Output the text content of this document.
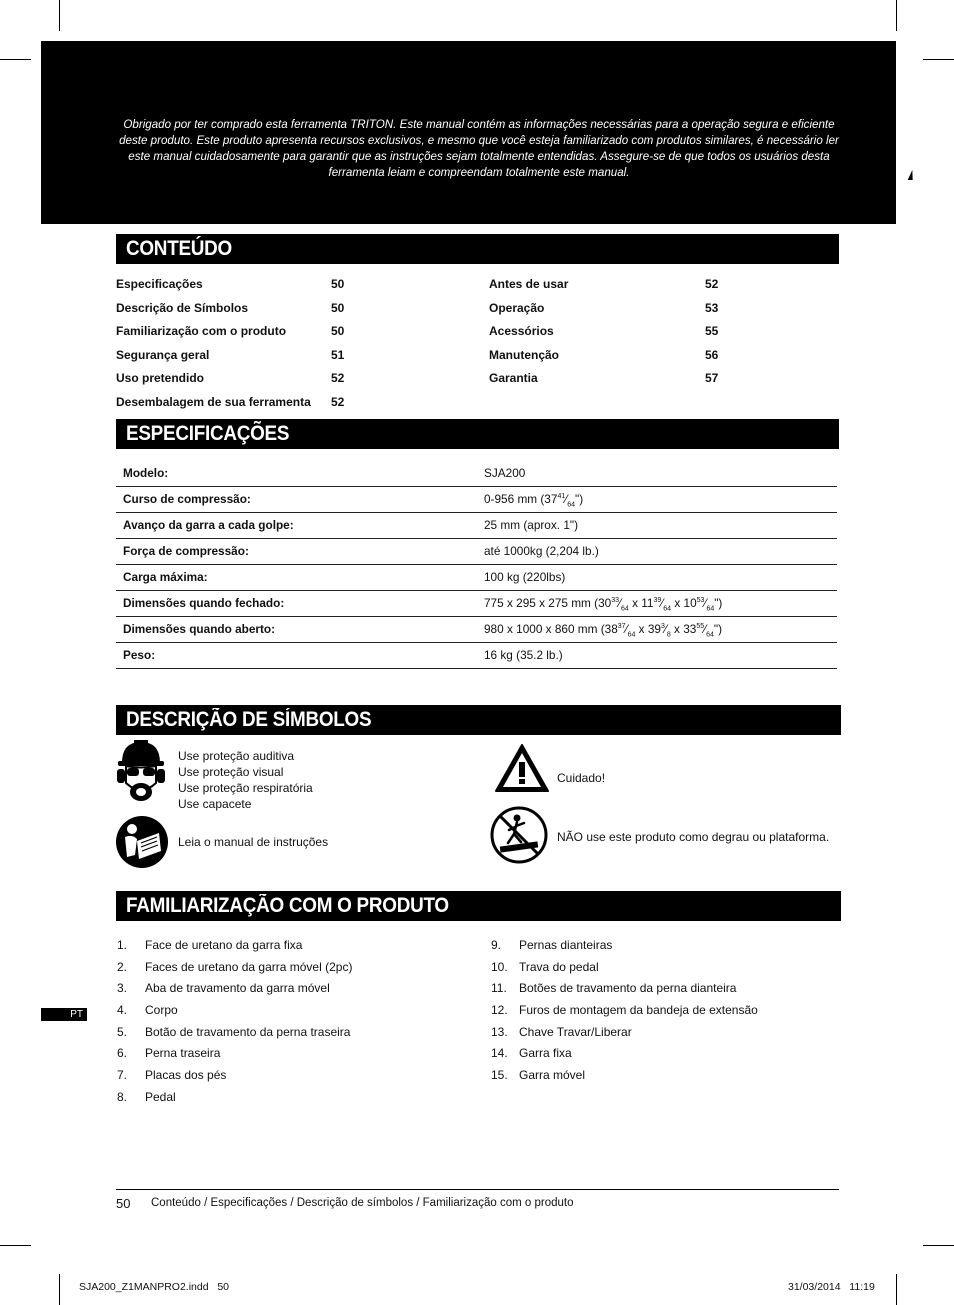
Obrigado por ter comprado esta ferramenta TRITON. Este manual contém as informações necessárias para a operação segura e eficiente deste produto. Este produto apresenta recursos exclusivos, e mesmo que você esteja familiarizado com produtos similares, é necessário ler este manual cuidadosamente para garantir que as instruções sejam totalmente entendidas. Assegure-se de que todos os usuários desta ferramenta leiam e compreendam totalmente este manual.
CONTEÚDO
Especificações	50
Descrição de Símbolos	50
Familiarização com o produto	50
Segurança geral	51
Uso pretendido	52
Desembalagem de sua ferramenta 52
Antes de usar	52
Operação	53
Acessórios	55
Manutenção	56
Garantia	57
ESPECIFICAÇÕES
Modelo:	SJA200
Curso de compressão:	0-956 mm $(37^{41}⁄_{64}")$
Avanço da garra a cada golpe:	25 mm (aprox. 1")
Força de compressão:	até 1000kg (2,204 lb.)
Carga máxima:	100 kg (220lbs)
Dimensões quando fechado:	775 x 295 x 275 mm ($30^{33}⁄_{64}$ x $11^{39}⁄_{64}$ x $10^{53}⁄_{64}$")
Dimensões quando aberto:	980 x 1000 x 860 mm ($38^{37}⁄_{64}$ x $39^3⁄_8$ x $33^{55}⁄_{64}$")
Peso:	16 kg (35.2 lb.)
DESCRIÇÃO DE SÍMBOLOS
Use proteção auditiva
Use proteção visual
Use proteção respiratória
Use capacete
Leia o manual de instruções
Cuidado!
NÃO use este produto como degrau ou plataforma.
FAMILIARIZAÇÃO COM O PRODUTO
1. Face de uretano da garra fixa
2. Faces de uretano da garra móvel (2pc)
3. Aba de travamento da garra móvel
4. Corpo
5. Botão de travamento da perna traseira
6. Perna traseira
7. Placas dos pés
8. Pedal
9. Pernas dianteiras
10. Trava do pedal
11. Botões de travamento da perna dianteira
12. Furos de montagem da bandeja de extensão
13. Chave Travar/Liberar
14. Garra fixa
15. Garra móvel
PT
50 Conteúdo / Especificações / Descrição de símbolos / Familiarização com o produto
SJA200_Z1MANPRO2.indd   50	31/03/2014   11:19
